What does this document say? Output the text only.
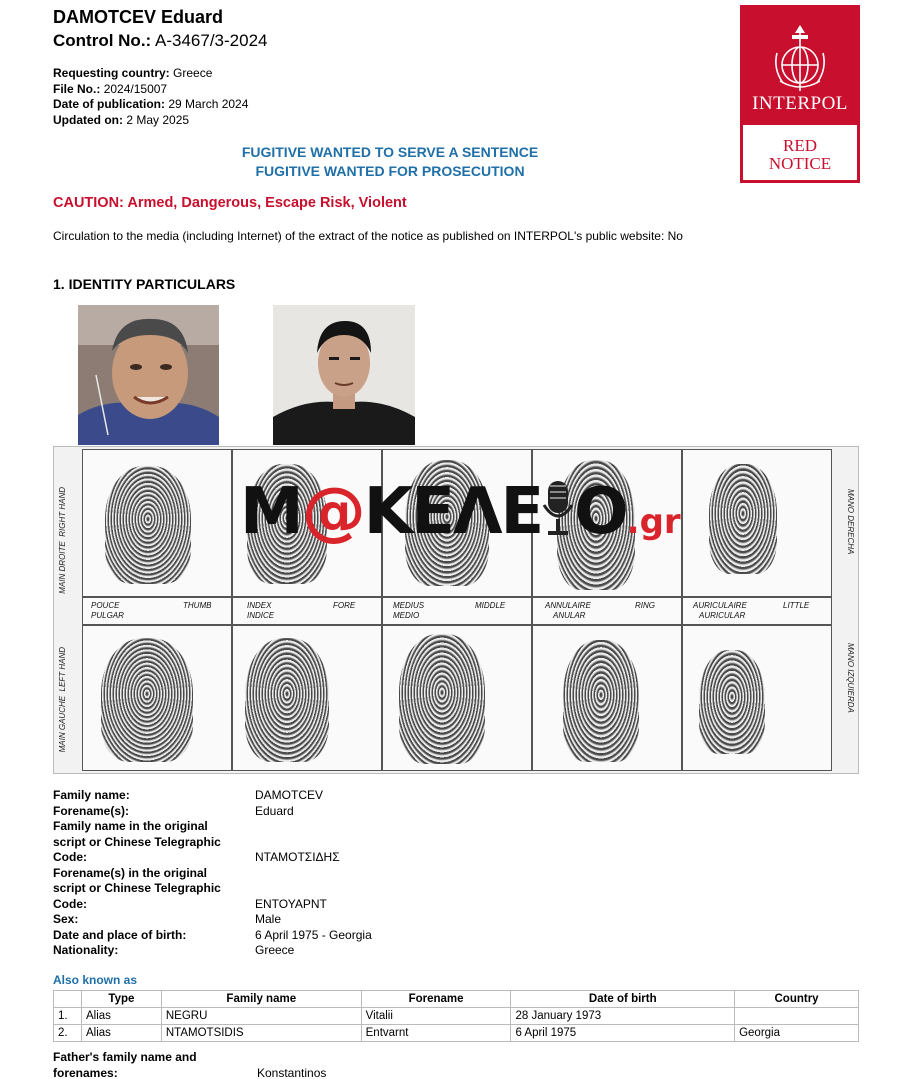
DAMOTCEV Eduard
Control No.: A-3467/3-2024
Requesting country: Greece
File No.: 2024/15007
Date of publication: 29 March 2024
Updated on: 2 May 2025
INTERPOL
RED
NOTICE
FUGITIVE WANTED TO SERVE A SENTENCE
FUGITIVE WANTED FOR PROSECUTION
CAUTION: Armed, Dangerous, Escape Risk, Violent
Circulation to the media (including Internet) of the extract of the notice as published on INTERPOL's public website: No
1. IDENTITY PARTICULARS
MAIN DROITE  RIGHT HAND
MAIN GAUCHE  LEFT HAND
MANO DERECHA
MANO IZQUIERDA
POUCE	THUMB
PULGAR
INDEX	FORE
INDICE
MEDIUS	MIDDLE
MEDIO
ANNULAIRE	RING
ANULAR
AURICULAIRE	LITTLE
AURICULAR
M@ΚΕΛΕ Ο.gr
Family name:	DAMOTCEV
Forename(s):	Eduard
Family name in the original script or Chinese Telegraphic Code:	ΝΤΑΜΟΤΣΙΔΗΣ
Forename(s) in the original script or Chinese Telegraphic Code:	ΕΝΤΟΥΑΡΝΤ
Sex:	Male
Date and place of birth:	6 April 1975 - Georgia
Nationality:	Greece
Also known as
	Type	Family name	Forename	Date of birth	Country
1.	Alias	NEGRU	Vitalii	28 January 1973	
2.	Alias	NTAMOTSIDIS	Entvarnt	6 April 1975	Georgia
Father's family name and forenames:	Konstantinos
